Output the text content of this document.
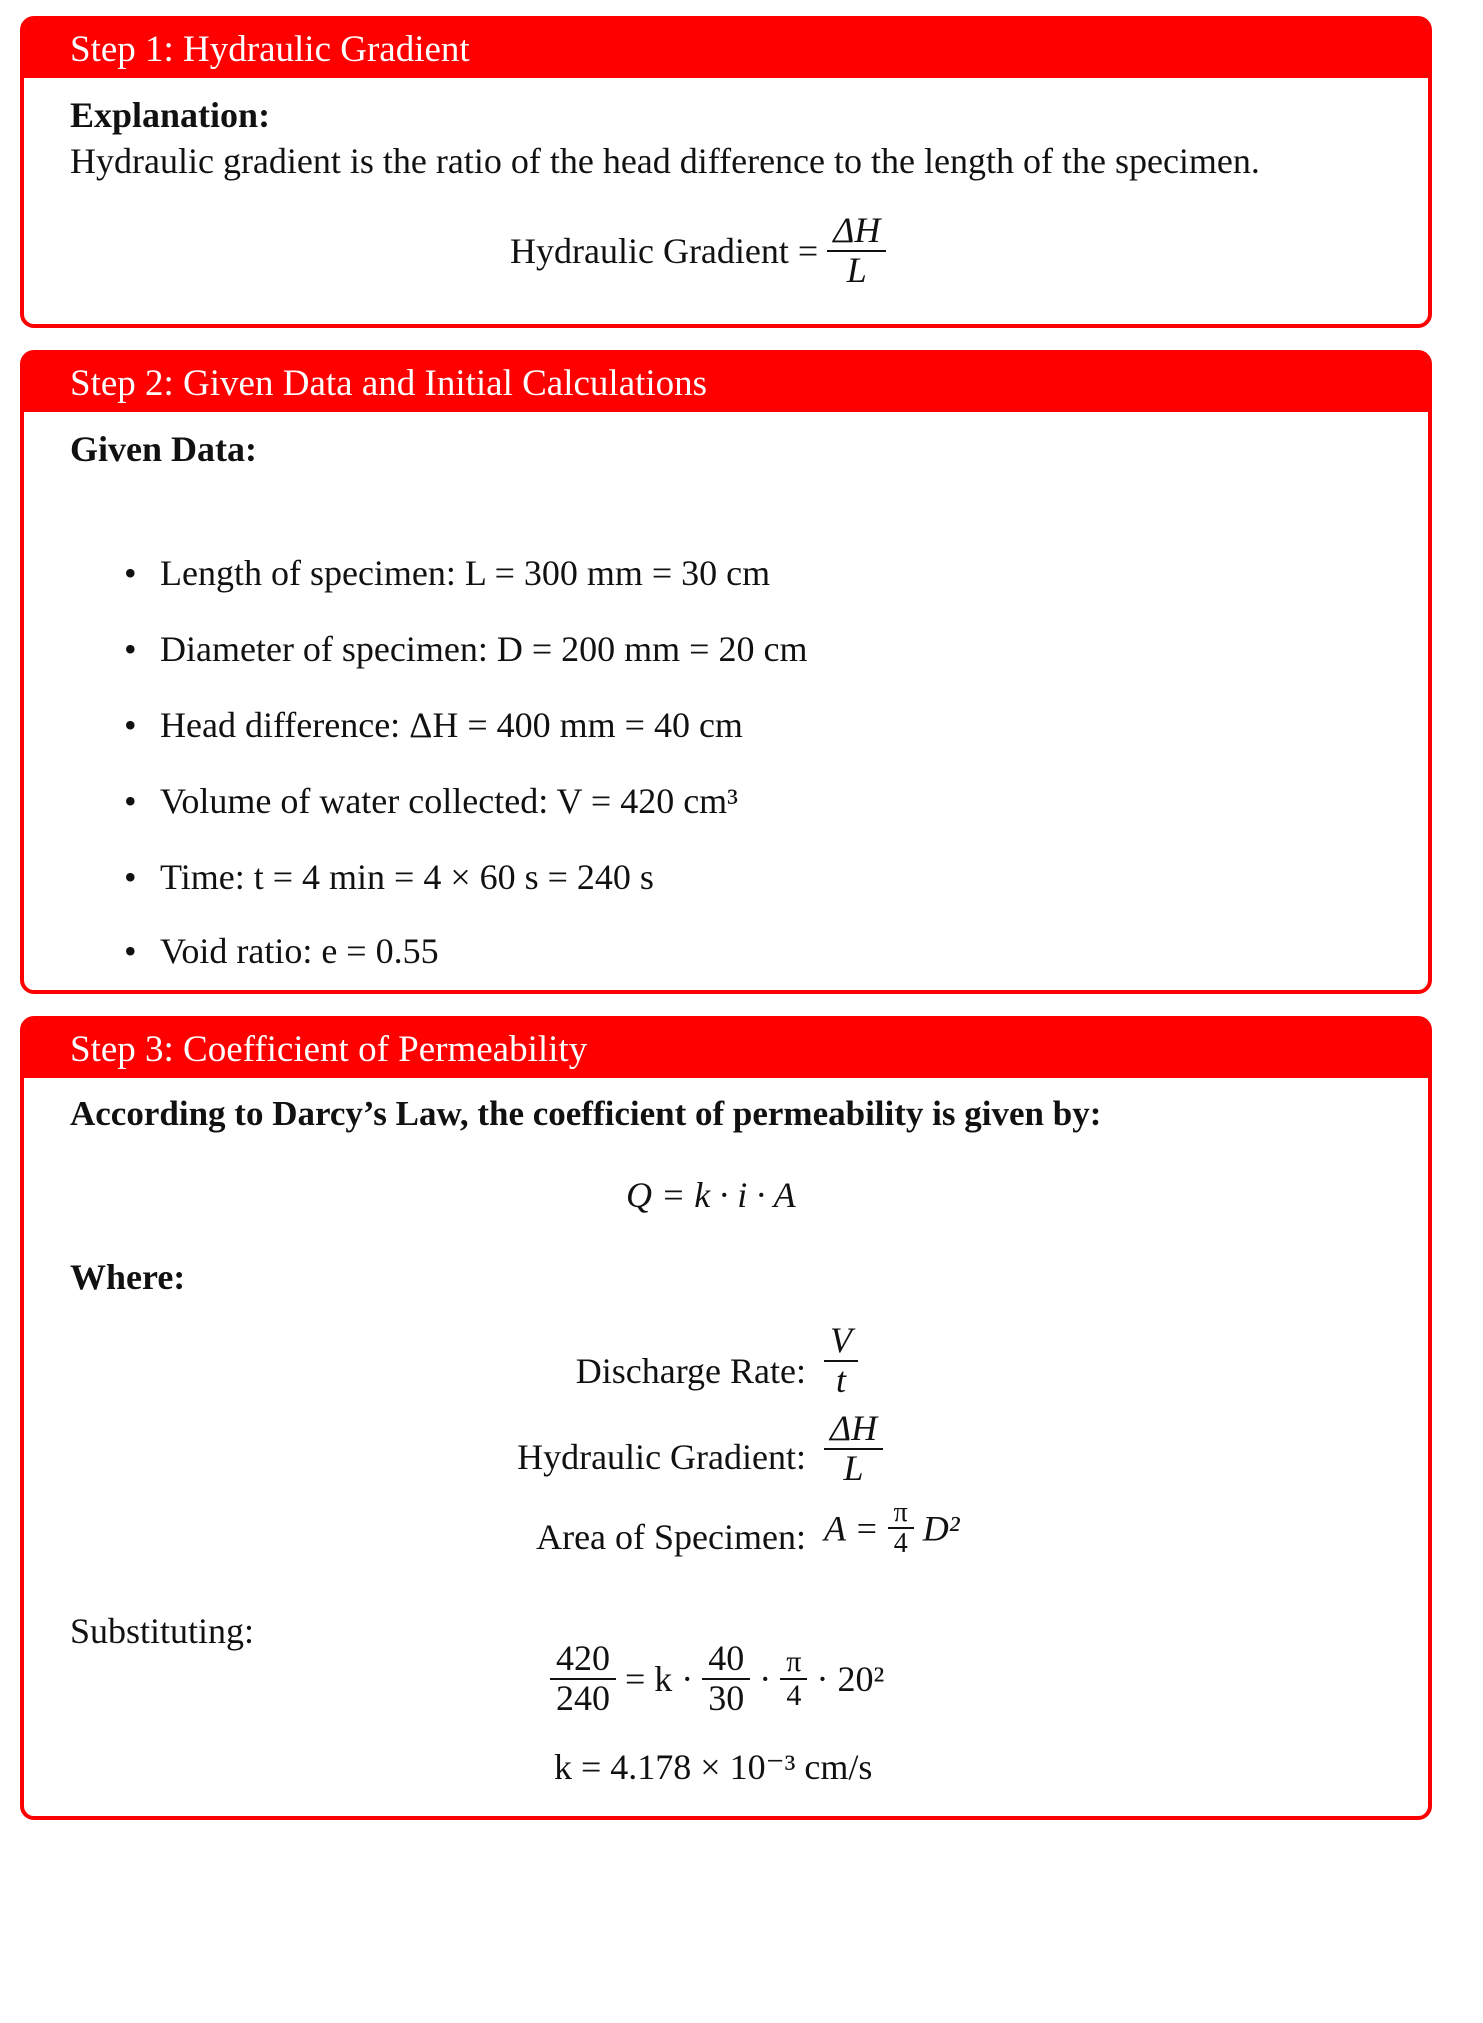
Step 1: Hydraulic Gradient
Explanation:
Hydraulic gradient is the ratio of the head difference to the length of the specimen.
Hydraulic Gradient = $\frac{\Delta H}{L}$
Step 2: Given Data and Initial Calculations
Given Data:
• Length of specimen: L = 300 mm = 30 cm
• Diameter of specimen: D = 200 mm = 20 cm
• Head difference: ΔH = 400 mm = 40 cm
• Volume of water collected: V = 420 cm³
• Time: t = 4 min = 4 × 60 s = 240 s
• Void ratio: e = 0.55
Step 3: Coefficient of Permeability
According to Darcy’s Law, the coefficient of permeability is given by:
Q = k · i · A
Where:
Discharge Rate: $\frac{V}{t}$
Hydraulic Gradient: $\frac{\Delta H}{L}$
Area of Specimen: $A = \frac{\pi}{4} D^2$
Substituting:
$\frac{420}{240} = k \cdot \frac{40}{30} \cdot \frac{\pi}{4} \cdot 20^2$
k = 4.178 × 10⁻³ cm/s
